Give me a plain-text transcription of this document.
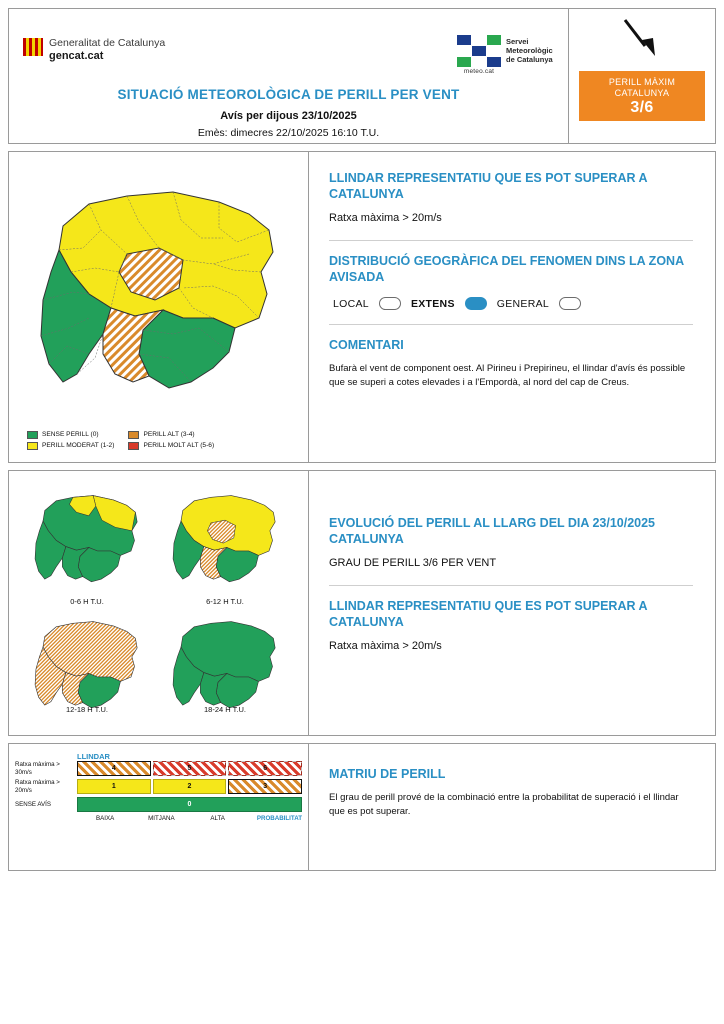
Generalitat de Catalunya
gencat.cat
meteo.cat
Servei
Meteorològic
de Catalunya
SITUACIÓ METEOROLÒGICA DE PERILL PER VENT
Avís per dijous 23/10/2025
Emès: dimecres 22/10/2025 16:10 T.U.
PERILL MÀXIM
CATALUNYA
3/6
SENSE PERILL (0)
PERILL MODERAT (1-2)
PERILL ALT (3-4)
PERILL MOLT ALT (5-6)
LLINDAR REPRESENTATIU QUE ES POT SUPERAR A CATALUNYA
Ratxa màxima > 20m/s
DISTRIBUCIÓ GEOGRÀFICA DEL FENOMEN DINS LA ZONA AVISADA
LOCAL	EXTENS	GENERAL
COMENTARI
Bufarà el vent de component oest. Al Pirineu i Prepirineu, el llindar d'avís és possible que se superi a cotes elevades i a l'Empordà, al nord del cap de Creus.
0-6 H T.U.	6-12 H T.U.
12-18 H T.U.	18-24 H T.U.
EVOLUCIÓ DEL PERILL AL LLARG DEL DIA 23/10/2025 CATALUNYA
GRAU DE PERILL 3/6 PER VENT
LLINDAR REPRESENTATIU QUE ES POT SUPERAR A CATALUNYA
Ratxa màxima > 20m/s
LLINDAR
Ratxa màxima > 30m/s	4	5	6
Ratxa màxima > 20m/s	1	2	3
SENSE AVÍS	0
BAIXA	MITJANA	ALTA	PROBABILITAT
MATRIU DE PERILL
El grau de perill prové de la combinació entre la probabilitat de superació i el llindar que es pot superar.
